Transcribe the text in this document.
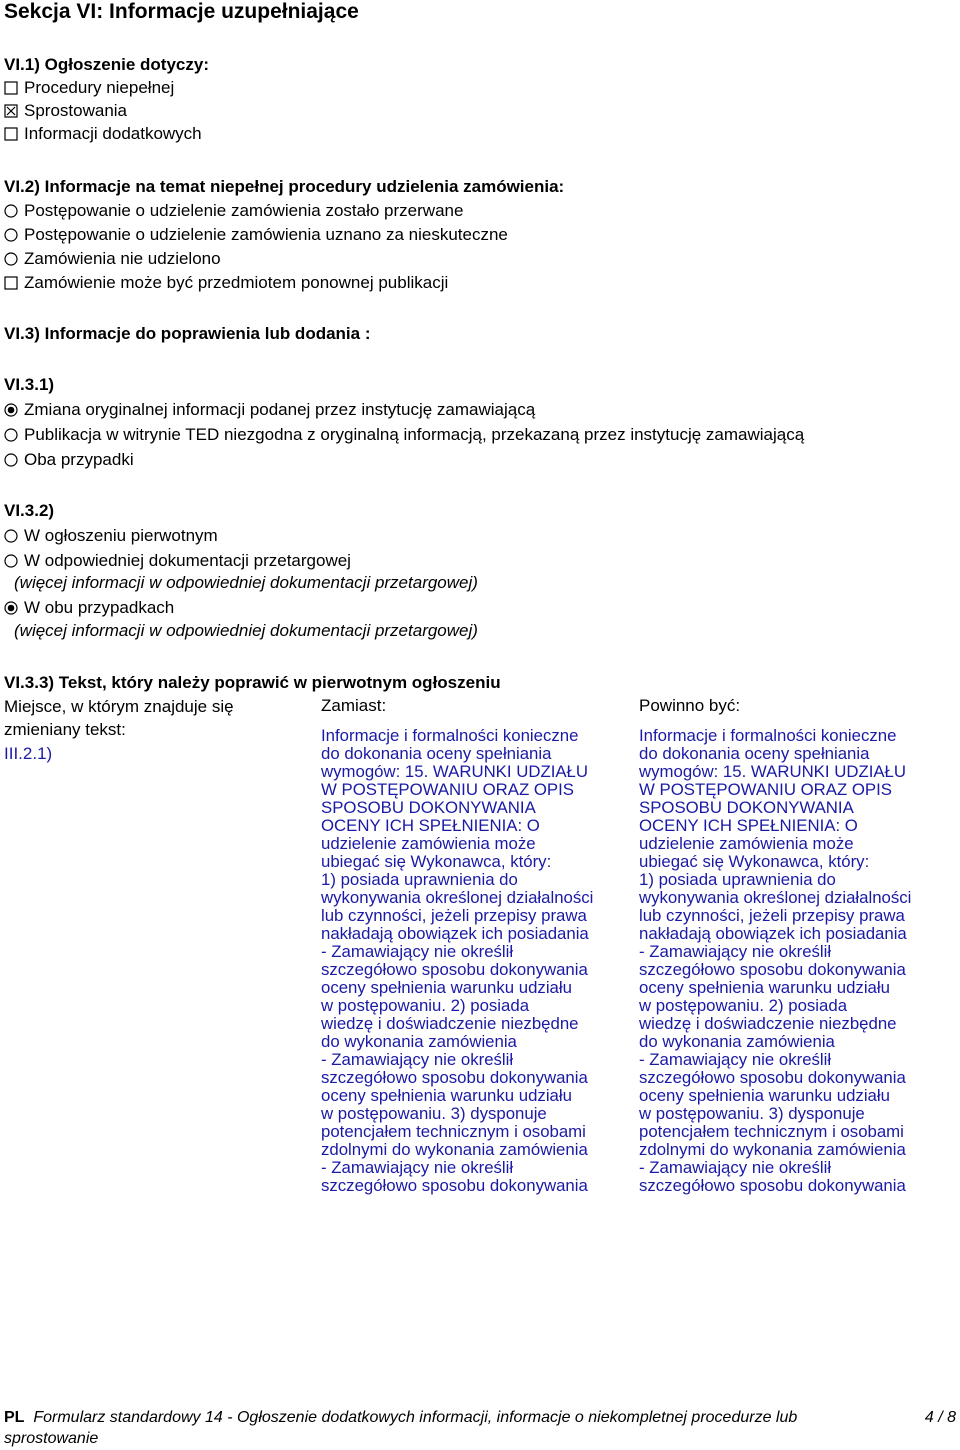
Sekcja VI: Informacje uzupełniające
VI.1) Ogłoszenie dotyczy:
Procedury niepełnej
Sprostowania
Informacji dodatkowych
VI.2) Informacje na temat niepełnej procedury udzielenia zamówienia:
Postępowanie o udzielenie zamówienia zostało przerwane
Postępowanie o udzielenie zamówienia uznano za nieskuteczne
Zamówienia nie udzielono
Zamówienie może być przedmiotem ponownej publikacji
VI.3) Informacje do poprawienia lub dodania :
VI.3.1)
Zmiana oryginalnej informacji podanej przez instytucję zamawiającą
Publikacja w witrynie TED niezgodna z oryginalną informacją, przekazaną przez instytucję zamawiającą
Oba przypadki
VI.3.2)
W ogłoszeniu pierwotnym
W odpowiedniej dokumentacji przetargowej
(więcej informacji w odpowiedniej dokumentacji przetargowej)
W obu przypadkach
(więcej informacji w odpowiedniej dokumentacji przetargowej)
VI.3.3) Tekst, który należy poprawić w pierwotnym ogłoszeniu
Miejsce, w którym znajduje się zmieniany tekst:
III.2.1)
Zamiast:	Powinno być:
Informacje i formalności konieczne
do dokonania oceny spełniania
wymogów: 15. WARUNKI UDZIAŁU
W POSTĘPOWANIU ORAZ OPIS
SPOSOBU DOKONYWANIA
OCENY ICH SPEŁNIENIA: O
udzielenie zamówienia może
ubiegać się Wykonawca, który:
1) posiada uprawnienia do
wykonywania określonej działalności
lub czynności, jeżeli przepisy prawa
nakładają obowiązek ich posiadania
- Zamawiający nie określił
szczegółowo sposobu dokonywania
oceny spełnienia warunku udziału
w postępowaniu. 2) posiada
wiedzę i doświadczenie niezbędne
do wykonania zamówienia
- Zamawiający nie określił
szczegółowo sposobu dokonywania
oceny spełnienia warunku udziału
w postępowaniu. 3) dysponuje
potencjałem technicznym i osobami
zdolnymi do wykonania zamówienia
- Zamawiający nie określił
szczegółowo sposobu dokonywania
Informacje i formalności konieczne
do dokonania oceny spełniania
wymogów: 15. WARUNKI UDZIAŁU
W POSTĘPOWANIU ORAZ OPIS
SPOSOBU DOKONYWANIA
OCENY ICH SPEŁNIENIA: O
udzielenie zamówienia może
ubiegać się Wykonawca, który:
1) posiada uprawnienia do
wykonywania określonej działalności
lub czynności, jeżeli przepisy prawa
nakładają obowiązek ich posiadania
- Zamawiający nie określił
szczegółowo sposobu dokonywania
oceny spełnienia warunku udziału
w postępowaniu. 2) posiada
wiedzę i doświadczenie niezbędne
do wykonania zamówienia
- Zamawiający nie określił
szczegółowo sposobu dokonywania
oceny spełnienia warunku udziału
w postępowaniu. 3) dysponuje
potencjałem technicznym i osobami
zdolnymi do wykonania zamówienia
- Zamawiający nie określił
szczegółowo sposobu dokonywania
PL Formularz standardowy 14 - Ogłoszenie dodatkowych informacji, informacje o niekompletnej procedurze lub
sprostowanie
4 / 8
